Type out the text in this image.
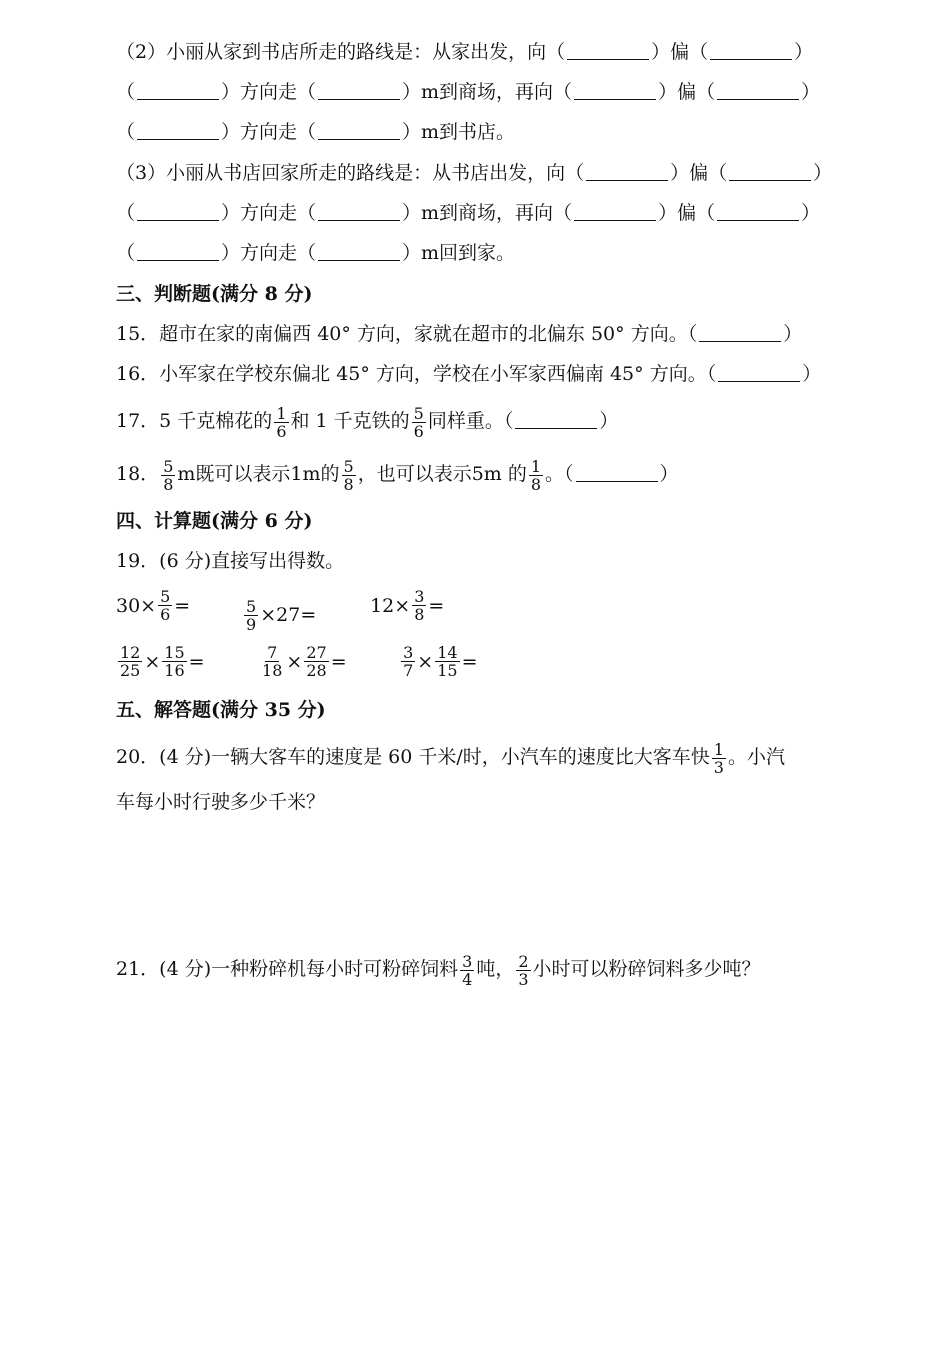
（2）小丽从家到书店所走的路线是：从家出发，向（	）偏（	）
（	）方向走（	）m到商场，再向（	）偏（	）
（	）方向走（	）m到书店。
（3）小丽从书店回家所走的路线是：从书店出发，向（	）偏（	）
（	）方向走（	）m到商场，再向（	）偏（	）
（	）方向走（	）m回到家。
三、判断题(满分 8 分)
15．超市在家的南偏西 40° 方向，家就在超市的北偏东 50° 方向。（	）
16．小军家在学校东偏北 45° 方向，学校在小军家西偏南 45° 方向。（	）
17．5 千克棉花的 $\frac{1}{6}$ 和 1 千克铁的 $\frac{5}{6}$ 同样重。（	）
18． $\frac{5}{8}$ m既可以表示1m的 $\frac{5}{8}$ ，也可以表示5m 的 $\frac{1}{8}$ 。（	）
四、计算题(满分 6 分)
19．(6 分)直接写出得数。
$30\times \frac{5}{6}$ =
	$\frac{5}{9} \times 27=$
	$12\times \frac{3}{8}$ =
$\frac{12}{25} \times \frac{15}{16}$ =
	$\frac{7}{18} \times \frac{27}{28}$ =
	$\frac{3}{7} \times \frac{14}{15}$ =
五、解答题(满分 35 分)
20．(4 分)一辆大客车的速度是 60 千米/时，小汽车的速度比大客车快 $\frac{1}{3}$ 。小汽
车每小时行驶多少千米？
21．(4 分)一种粉碎机每小时可粉碎饲料 $\frac{3}{4}$ 吨， $\frac{2}{3}$ 小时可以粉碎饲料多少吨？
